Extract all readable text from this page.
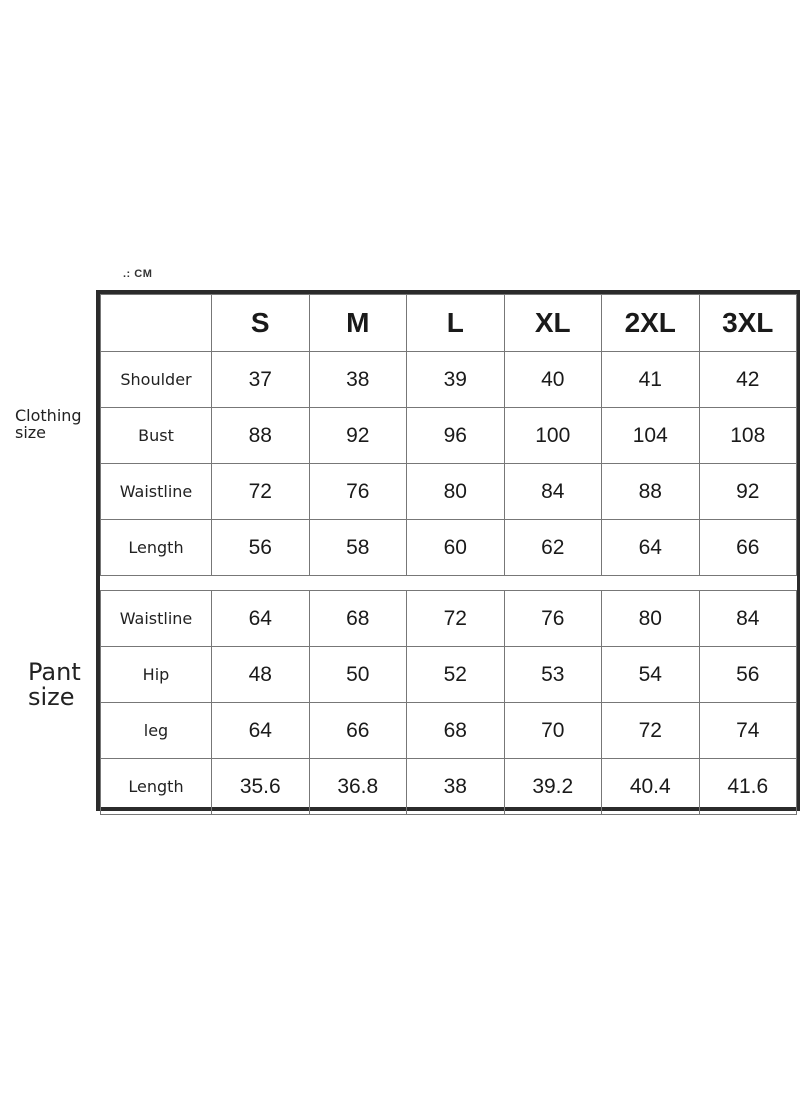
.: CM
Clothing size
Pant size
	S	M	L	XL	2XL	3XL
Shoulder	37	38	39	40	41	42
Bust	88	92	96	100	104	108
Waistline	72	76	80	84	88	92
Length	56	58	60	62	64	66

Waistline	64	68	72	76	80	84
Hip	48	50	52	53	54	56
leg	64	66	68	70	72	74
Length	35.6	36.8	38	39.2	40.4	41.6
